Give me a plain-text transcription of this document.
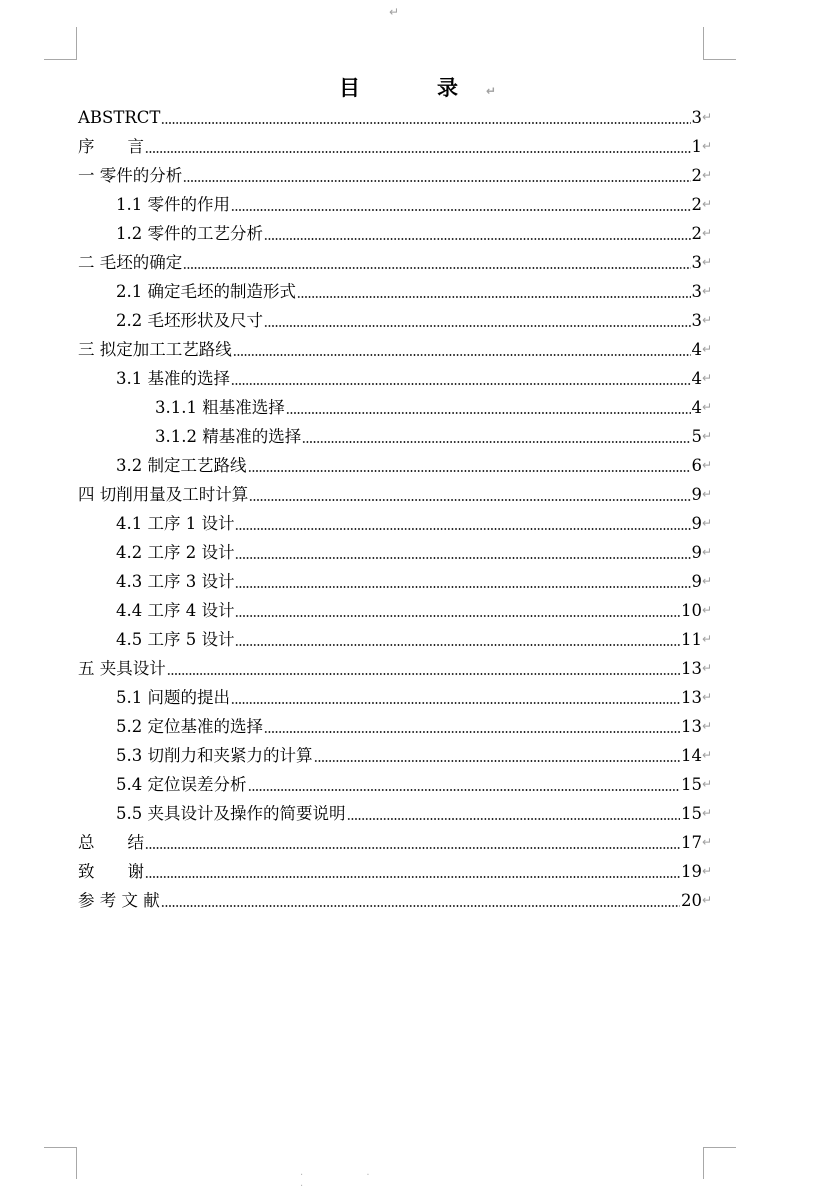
↵
目　录↵
ABSTRCT	3 ↵
序　　言	1 ↵
一 零件的分析	2 ↵
1.1 零件的作用	2 ↵
1.2 零件的工艺分析	2 ↵
二 毛坯的确定	3 ↵
2.1 确定毛坯的制造形式	3 ↵
2.2 毛坯形状及尺寸	3 ↵
三 拟定加工工艺路线	4 ↵
3.1 基准的选择	4 ↵
3.1.1 粗基准选择	4 ↵
3.1.2 精基准的选择	5 ↵
3.2 制定工艺路线	6 ↵
四 切削用量及工时计算	9 ↵
4.1 工序 1 设计	9 ↵
4.2 工序 2 设计	9 ↵
4.3 工序 3 设计	9 ↵
4.4 工序 4 设计	10 ↵
4.5 工序 5 设计	11 ↵
五 夹具设计	13 ↵
5.1 问题的提出	13 ↵
5.2 定位基准的选择	13 ↵
5.3 切削力和夹紧力的计算	14 ↵
5.4 定位误差分析	15 ↵
5.5 夹具设计及操作的简要说明	15 ↵
总　　结	17 ↵
致　　谢	19 ↵
参 考 文 献	20 ↵
· · ·
